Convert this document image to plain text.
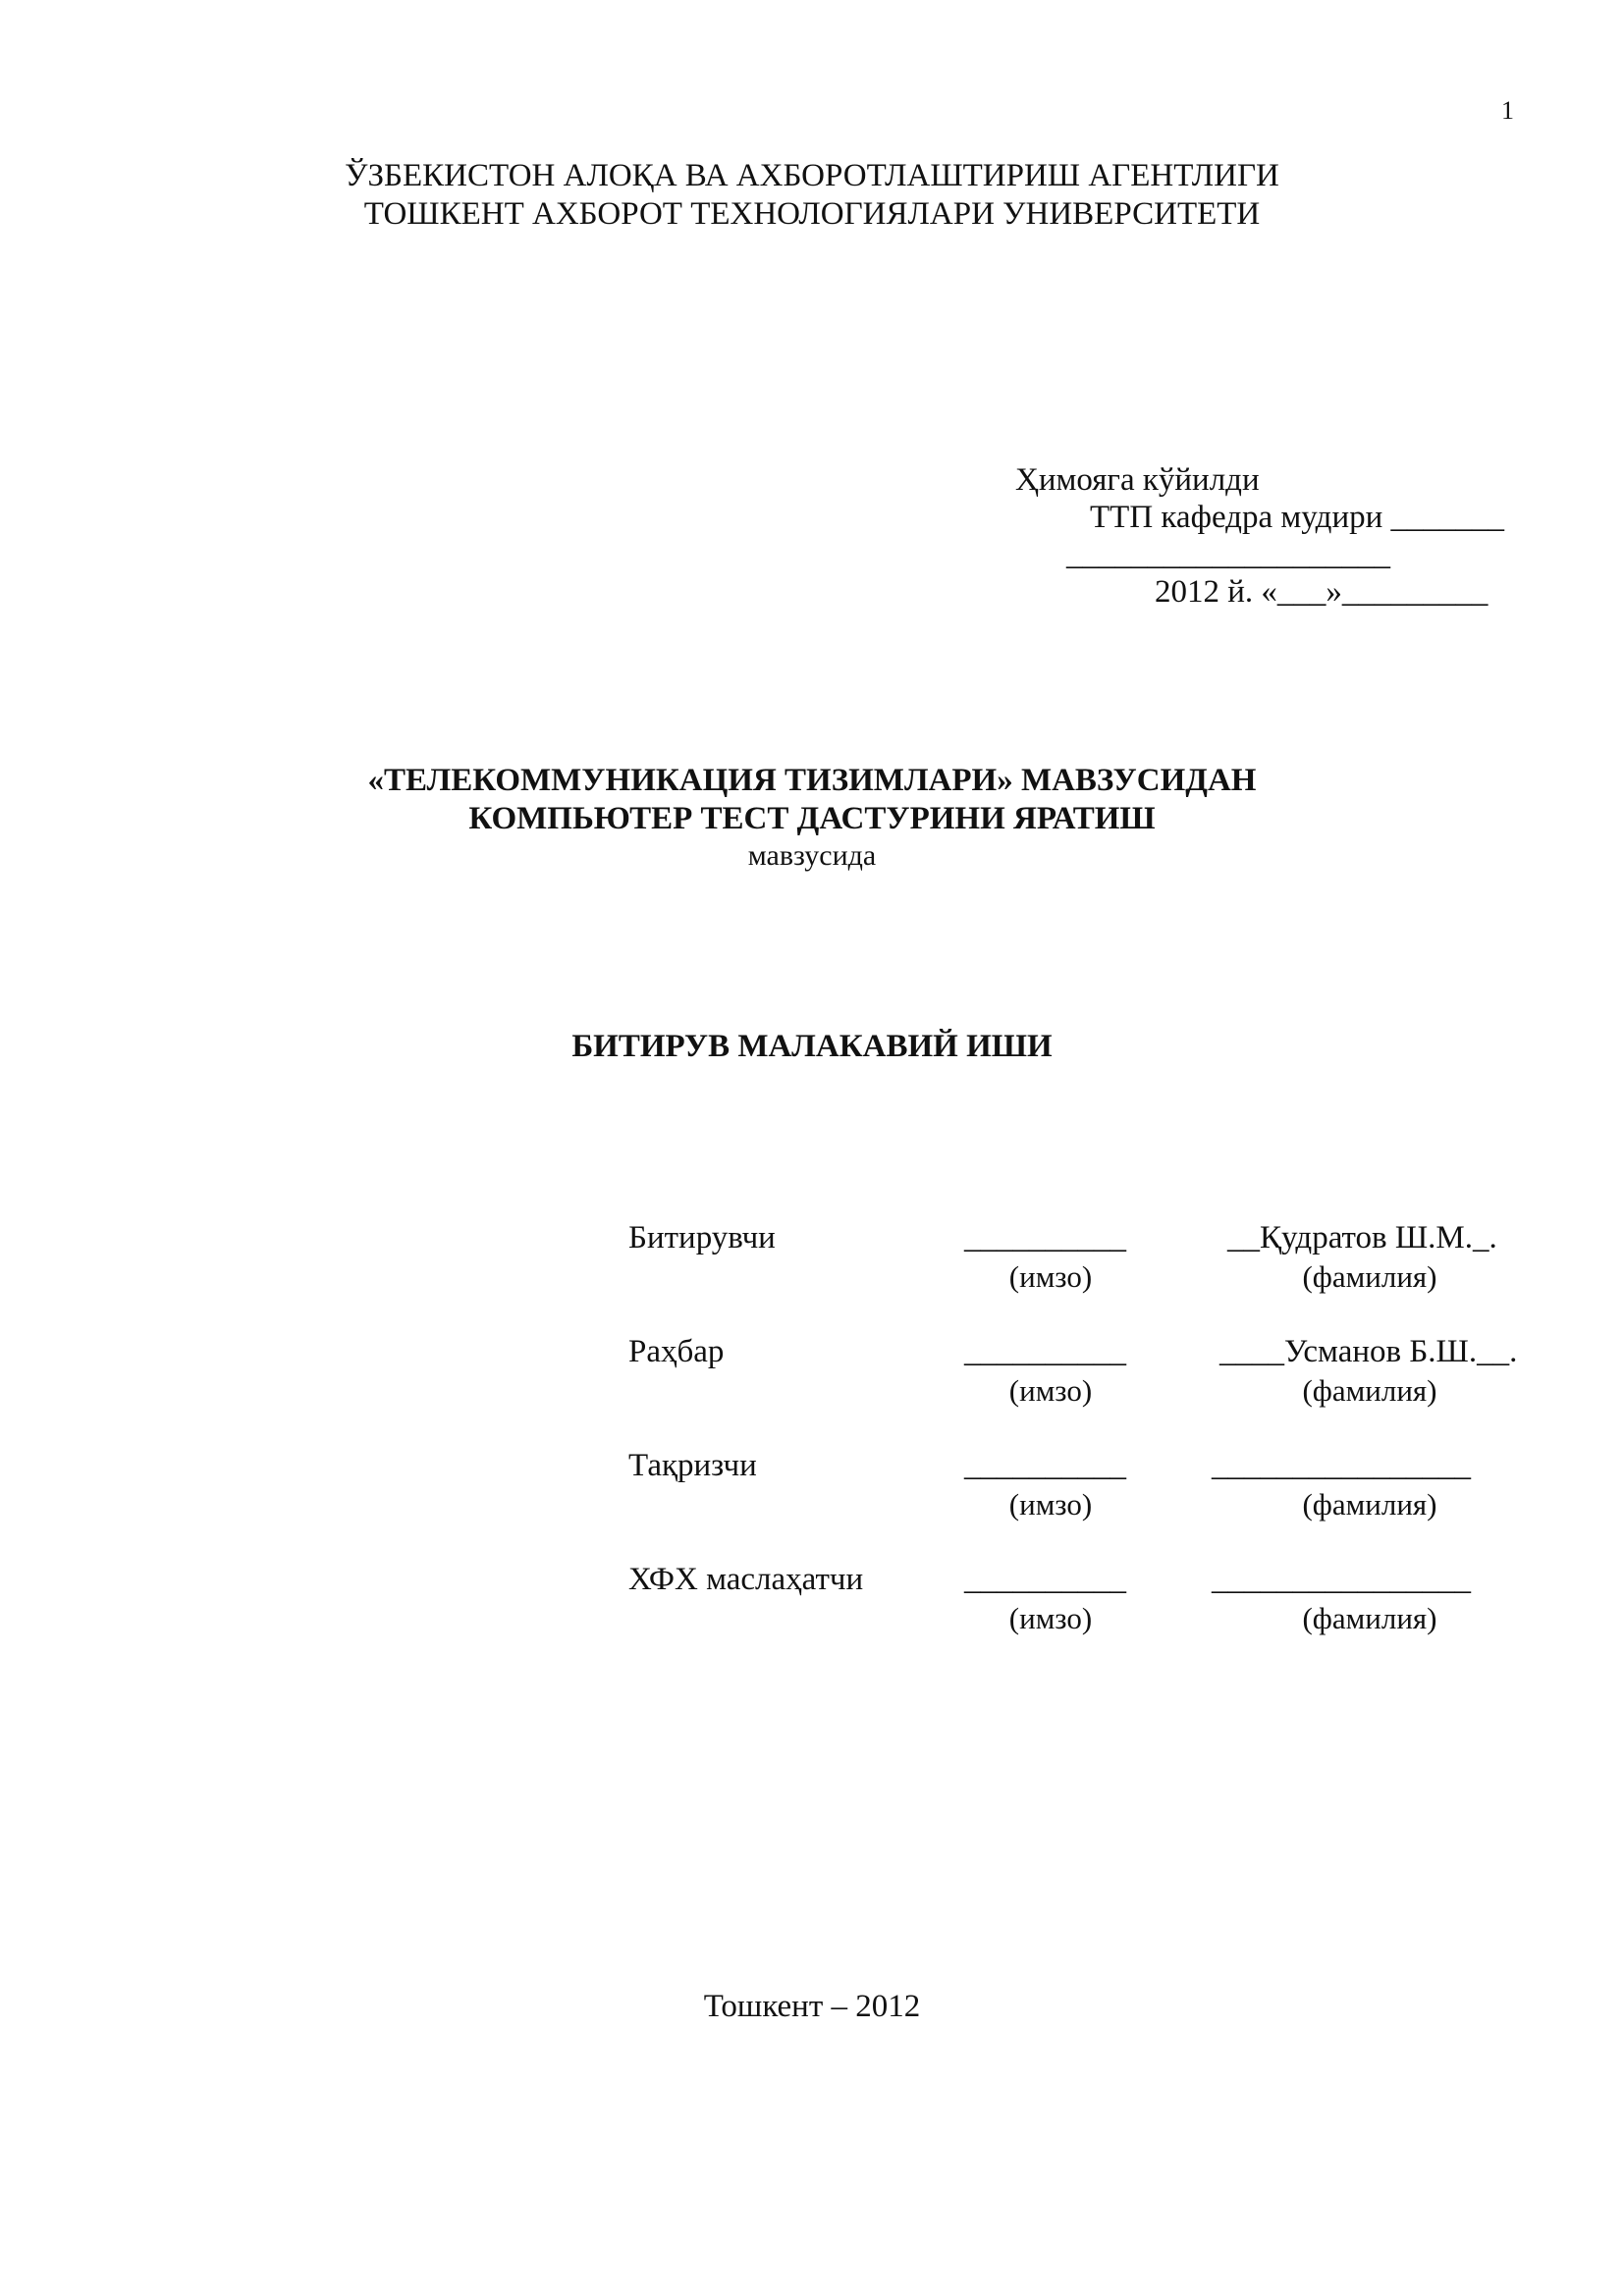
1
ЎЗБЕКИСТОН АЛОҚА ВА АХБОРОТЛАШТИРИШ АГЕНТЛИГИ
ТОШКЕНТ АХБОРОТ ТЕХНОЛОГИЯЛАРИ УНИВЕРСИТЕТИ
Ҳимояга кўйилди
ТТП кафедра мудири _______
____________________
2012 й. «___»_________
«ТЕЛЕКОММУНИКАЦИЯ ТИЗИМЛАРИ» МАВЗУСИДАН
КОМПЬЮТЕР ТЕСТ ДАСТУРИНИ ЯРАТИШ
мавзусида
БИТИРУВ МАЛАКАВИЙ ИШИ
Битирувчи	__________	__Қудратов Ш.М._.
(имзо)	(фамилия)
Раҳбар	__________	____Усманов Б.Ш.__.
(имзо)	(фамилия)
Тақризчи	__________	________________
(имзо)	(фамилия)
ХФХ маслаҳатчи	__________	________________
(имзо)	(фамилия)
Тошкент – 2012
